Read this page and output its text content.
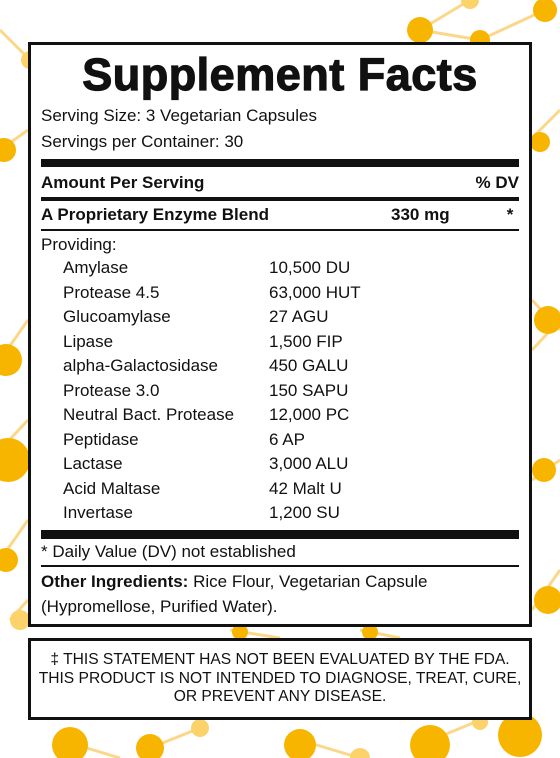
Supplement Facts
Serving Size: 3 Vegetarian Capsules
Servings per Container: 30
Amount Per Serving	% DV
A Proprietary Enzyme Blend	330 mg	*
Providing:
Amylase	10,500 DU
Protease 4.5	63,000 HUT
Glucoamylase	27 AGU
Lipase	1,500 FIP
alpha-Galactosidase	450 GALU
Protease 3.0	150 SAPU
Neutral Bact. Protease	12,000 PC
Peptidase	6 AP
Lactase	3,000 ALU
Acid Maltase	42 Malt U
Invertase	1,200 SU
* Daily Value (DV) not established
Other Ingredients: Rice Flour, Vegetarian Capsule (Hypromellose, Purified Water).
‡ THIS STATEMENT HAS NOT BEEN EVALUATED BY THE FDA. THIS PRODUCT IS NOT INTENDED TO DIAGNOSE, TREAT, CURE, OR PREVENT ANY DISEASE.
